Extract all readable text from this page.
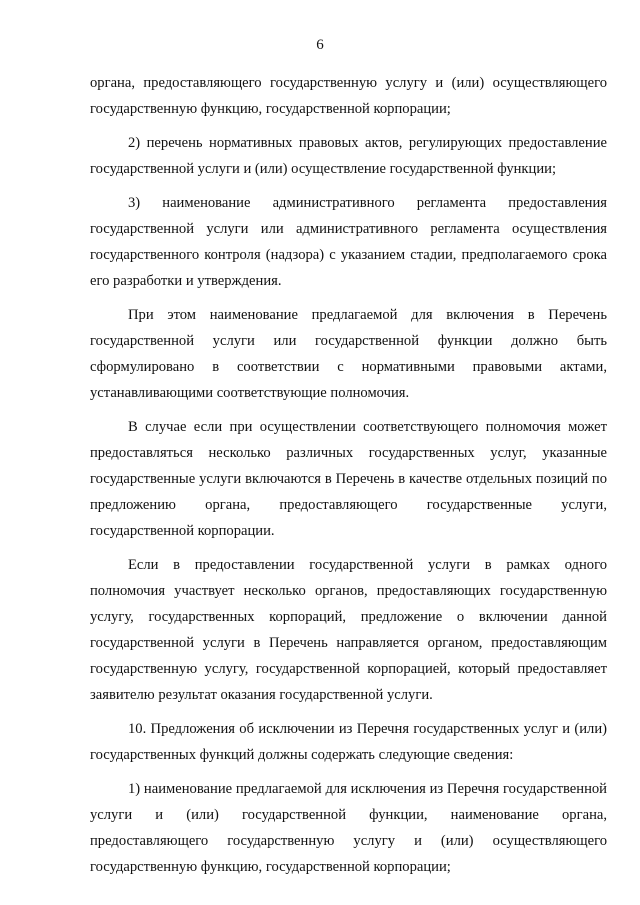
6

органа, предоставляющего государственную услугу и (или) осуществляющего государственную функцию, государственной корпорации;

2) перечень нормативных правовых актов, регулирующих предоставление государственной услуги и (или) осуществление государственной функции;

3) наименование административного регламента предоставления государственной услуги или административного регламента осуществления государственного контроля (надзора) с указанием стадии, предполагаемого срока его разработки и утверждения.

При этом наименование предлагаемой для включения в Перечень государственной услуги или государственной функции должно быть сформулировано в соответствии с нормативными правовыми актами, устанавливающими соответствующие полномочия.

В случае если при осуществлении соответствующего полномочия может предоставляться несколько различных государственных услуг, указанные государственные услуги включаются в Перечень в качестве отдельных позиций по предложению органа, предоставляющего государственные услуги, государственной корпорации.

Если в предоставлении государственной услуги в рамках одного полномочия участвует несколько органов, предоставляющих государственную услугу, государственных корпораций, предложение о включении данной государственной услуги в Перечень направляется органом, предоставляющим государственную услугу, государственной корпорацией, который предоставляет заявителю результат оказания государственной услуги.

10. Предложения об исключении из Перечня государственных услуг и (или) государственных функций должны содержать следующие сведения:

1) наименование предлагаемой для исключения из Перечня государственной услуги и (или) государственной функции, наименование органа, предоставляющего государственную услугу и (или) осуществляющего государственную функцию, государственной корпорации;
